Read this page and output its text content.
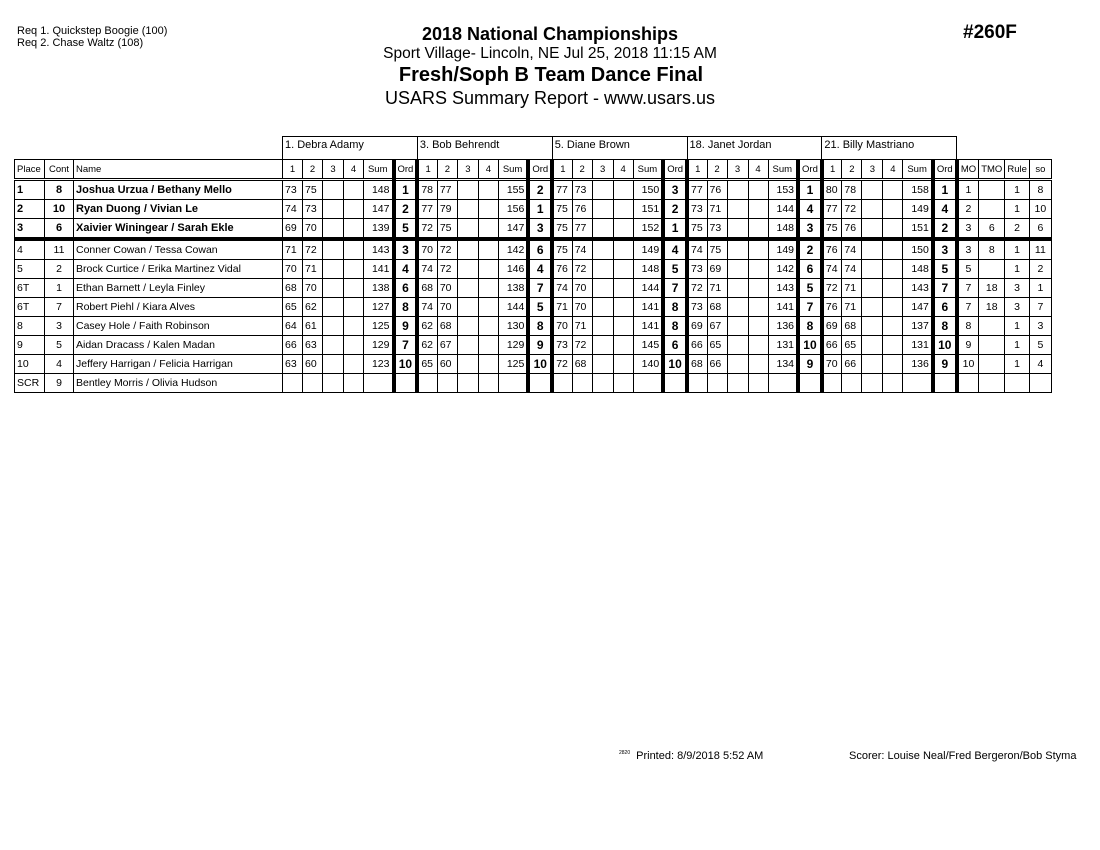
Req 1. Quickstep Boogie (100)
Req 2. Chase Waltz (108)	2018 National Championships
Sport Village- Lincoln, NE Jul 25, 2018 11:15 AM
Fresh/Soph B Team Dance Final
USARS Summary Report - www.usars.us
#260F
			1. Debra Adamy						3. Bob Behrendt						5. Diane Brown						18. Janet Jordan						21. Billy Mastriano									
Place	Cont	Name	1	2	3	4	Sum	Ord	1	2	3	4	Sum	Ord	1	2	3	4	Sum	Ord	1	2	3	4	Sum	Ord	1	2	3	4	Sum	Ord	MO	TMO	Rule	so
1	8	Joshua Urzua / Bethany Mello	73	75			148	1	78	77			155	2	77	73			150	3	77	76			153	1	80	78			158	1	1		1	8
2	10	Ryan Duong / Vivian Le	74	73			147	2	77	79			156	1	75	76			151	2	73	71			144	4	77	72			149	4	2		1	10
3	6	Xaivier Winingear / Sarah Ekle	69	70			139	5	72	75			147	3	75	77			152	1	75	73			148	3	75	76			151	2	3	6	2	6
4	11	Conner Cowan / Tessa Cowan	71	72			143	3	70	72			142	6	75	74			149	4	74	75			149	2	76	74			150	3	3	8	1	11
5	2	Brock Curtice / Erika Martinez Vidal	70	71			141	4	74	72			146	4	76	72			148	5	73	69			142	6	74	74			148	5	5		1	2
6T	1	Ethan Barnett / Leyla Finley	68	70			138	6	68	70			138	7	74	70			144	7	72	71			143	5	72	71			143	7	7	18	3	1
6T	7	Robert Piehl / Kiara Alves	65	62			127	8	74	70			144	5	71	70			141	8	73	68			141	7	76	71			147	6	7	18	3	7
8	3	Casey Hole / Faith Robinson	64	61			125	9	62	68			130	8	70	71			141	8	69	67			136	8	69	68			137	8	8		1	3
9	5	Aidan Dracass / Kalen Madan	66	63			129	7	62	67			129	9	73	72			145	6	66	65			131	10	66	65			131	10	9		1	5
10	4	Jeffery Harrigan / Felicia Harrigan	63	60			123	10	65	60			125	10	72	68			140	10	68	66			134	9	70	66			136	9	10		1	4
SCR	9	Bentley Morris / Olivia Hudson																																		
$^{2820}$ Printed: 8/9/2018 5:52 AM	Scorer: Louise Neal/Fred Bergeron/Bob Styma
